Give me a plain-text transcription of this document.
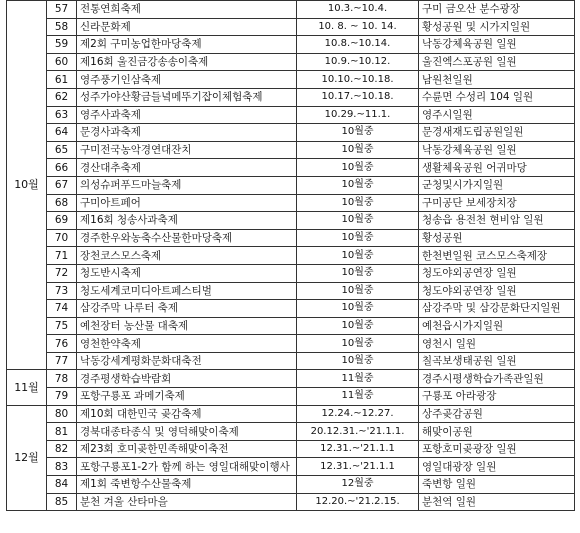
10월	57	전통연희축제	10.3.~10.4.	구미 금오산 분수광장
	58	신라문화제	10. 8. ~ 10. 14.	황성공원 및 시가지일원
	59	제2회 구미농업한마당축제	10.8.~10.14.	낙동강체육공원 일원
	60	제16회 울진금강송송이축제	10.9.~10.12.	울진엑스포공원 일원
	61	영주풍기인삼축제	10.10.~10.18.	남원천일원
	62	성주가야산황금들녘메뚜기잡이체험축제	10.17.~10.18.	수륜면 수성리 104 일원
	63	영주사과축제	10.29.~11.1.	영주시일원
	64	문경사과축제	10월중	문경새재도립공원일원
	65	구미전국농악경연대잔치	10월중	낙동강체육공원 일원
	66	경산대추축제	10월중	생활체육공원 어귀마당
	67	의성슈퍼푸드마늘축제	10월중	군청및시가지일원
	68	구미아트페어	10월중	구미공단 보세장치장
	69	제16회 청송사과축제	10월중	청송읍 용전천 현비암 일원
	70	경주한우와농축수산물한마당축제	10월중	황성공원
	71	장천코스모스축제	10월중	한천변일원 코스모스축제장
	72	청도반시축제	10월중	청도야외공연장 일원
	73	청도세계코미디아트페스티벌	10월중	청도야외공연장 일원
	74	삼강주막 나루터 축제	10월중	삼강주막 및 삼강문화단지일원
	75	예천장터 농산물 대축제	10월중	예천읍시가지일원
	76	영천한약축제	10월중	영천시 일원
	77	낙동강세계평화문화대축전	10월중	칠곡보생태공원 일원
11월	78	경주평생학습박람회	11월중	경주시평생학습가족관일원
	79	포항구룡포 과메기축제	11월중	구룡포 아라광장
12월	80	제10회 대한민국 곶감축제	12.24.~12.27.	상주곶감공원
	81	경북대종타종식 및 영덕해맞이축제	20.12.31.~'21.1.1.	해맞이공원
	82	제23회 호미곶한민족해맞이축전	12.31.~'21.1.1	포항호미곶광장 일원
	83	포항구룡포1-2가 함께 하는 영일대해맞이행사	12.31.~'21.1.1	영일대광장 일원
	84	제1회 죽변항수산물축제	12월중	죽변항 일원
	85	분천 겨울 산타마을	12.20.~'21.2.15.	분천역 일원
